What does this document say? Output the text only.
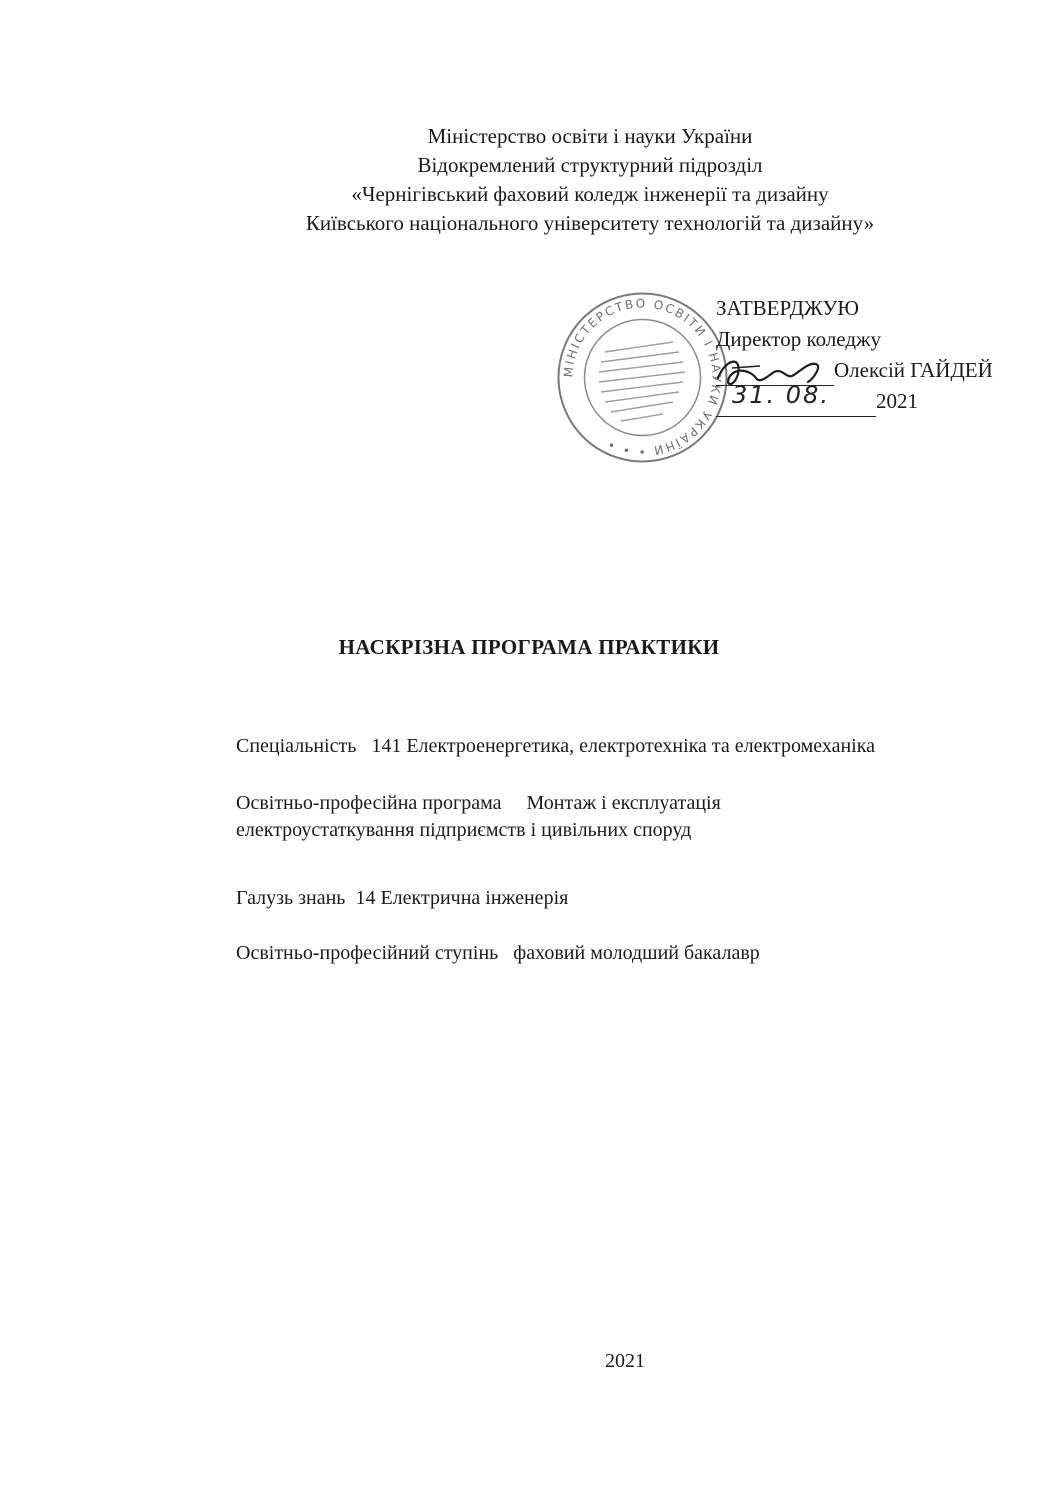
Міністерство освіти і науки України
Відокремлений структурний підрозділ
«Чернігівський фаховий коледж інженерії та дизайну
Київського національного університету технологій та дизайну»
МІНІСТЕРСТВО ОСВІТИ І НАУКИ УКРАЇНИ • • •
ЗАТВЕРДЖУЮ
Директор коледжу
Олексій ГАЙДЕЙ
2021
31. 08.
НАСКРІЗНА ПРОГРАМА ПРАКТИКИ
Спеціальність 141 Електроенергетика, електротехніка та електромеханіка
Освітньо-професійна програма Монтаж і експлуатація
електроустаткування підприємств і цивільних споруд
Галузь знань 14 Електрична інженерія
Освітньо-професійний ступінь фаховий молодший бакалавр
2021
